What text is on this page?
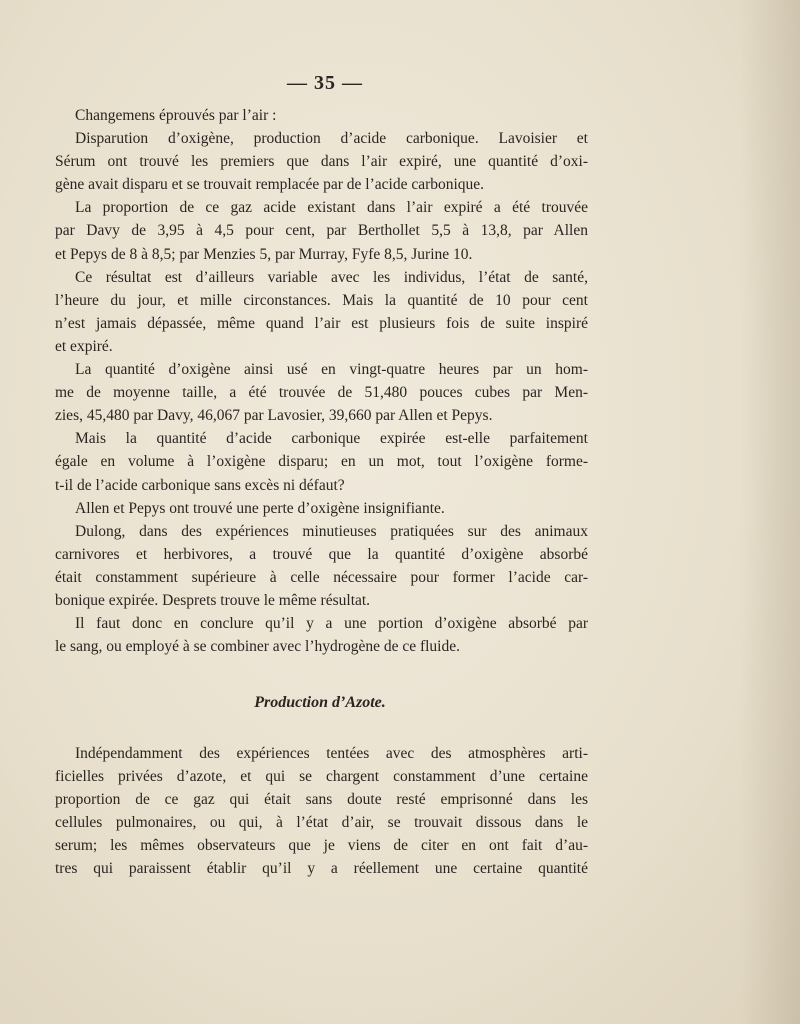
— 35 —
Changemens éprouvés par l’air :
Disparution d’oxigène, production d’acide carbonique. Lavoisier et
Sérum ont trouvé les premiers que dans l’air expiré, une quantité d’oxi-
gène avait disparu et se trouvait remplacée par de l’acide carbonique.
La proportion de ce gaz acide existant dans l’air expiré a été trouvée
par Davy de 3,95 à 4,5 pour cent, par Berthollet 5,5 à 13,8, par Allen
et Pepys de 8 à 8,5; par Menzies 5, par Murray, Fyfe 8,5, Jurine 10.
Ce résultat est d’ailleurs variable avec les individus, l’état de santé,
l’heure du jour, et mille circonstances. Mais la quantité de 10 pour cent
n’est jamais dépassée, même quand l’air est plusieurs fois de suite inspiré
et expiré.
La quantité d’oxigène ainsi usé en vingt-quatre heures par un hom-
me de moyenne taille, a été trouvée de 51,480 pouces cubes par Men-
zies, 45,480 par Davy, 46,067 par Lavosier, 39,660 par Allen et Pepys.
Mais la quantité d’acide carbonique expirée est-elle parfaitement
égale en volume à l’oxigène disparu; en un mot, tout l’oxigène forme-
t-il de l’acide carbonique sans excès ni défaut?
Allen et Pepys ont trouvé une perte d’oxigène insignifiante.
Dulong, dans des expériences minutieuses pratiquées sur des animaux
carnivores et herbivores, a trouvé que la quantité d’oxigène absorbé
était constamment supérieure à celle nécessaire pour former l’acide car-
bonique expirée. Desprets trouve le même résultat.
Il faut donc en conclure qu’il y a une portion d’oxigène absorbé par
le sang, ou employé à se combiner avec l’hydrogène de ce fluide.
Production d’Azote.
Indépendamment des expériences tentées avec des atmosphères arti-
ficielles privées d’azote, et qui se chargent constamment d’une certaine
proportion de ce gaz qui était sans doute resté emprisonné dans les
cellules pulmonaires, ou qui, à l’état d’air, se trouvait dissous dans le
serum; les mêmes observateurs que je viens de citer en ont fait d’au-
tres qui paraissent établir qu’il y a réellement une certaine quantité
